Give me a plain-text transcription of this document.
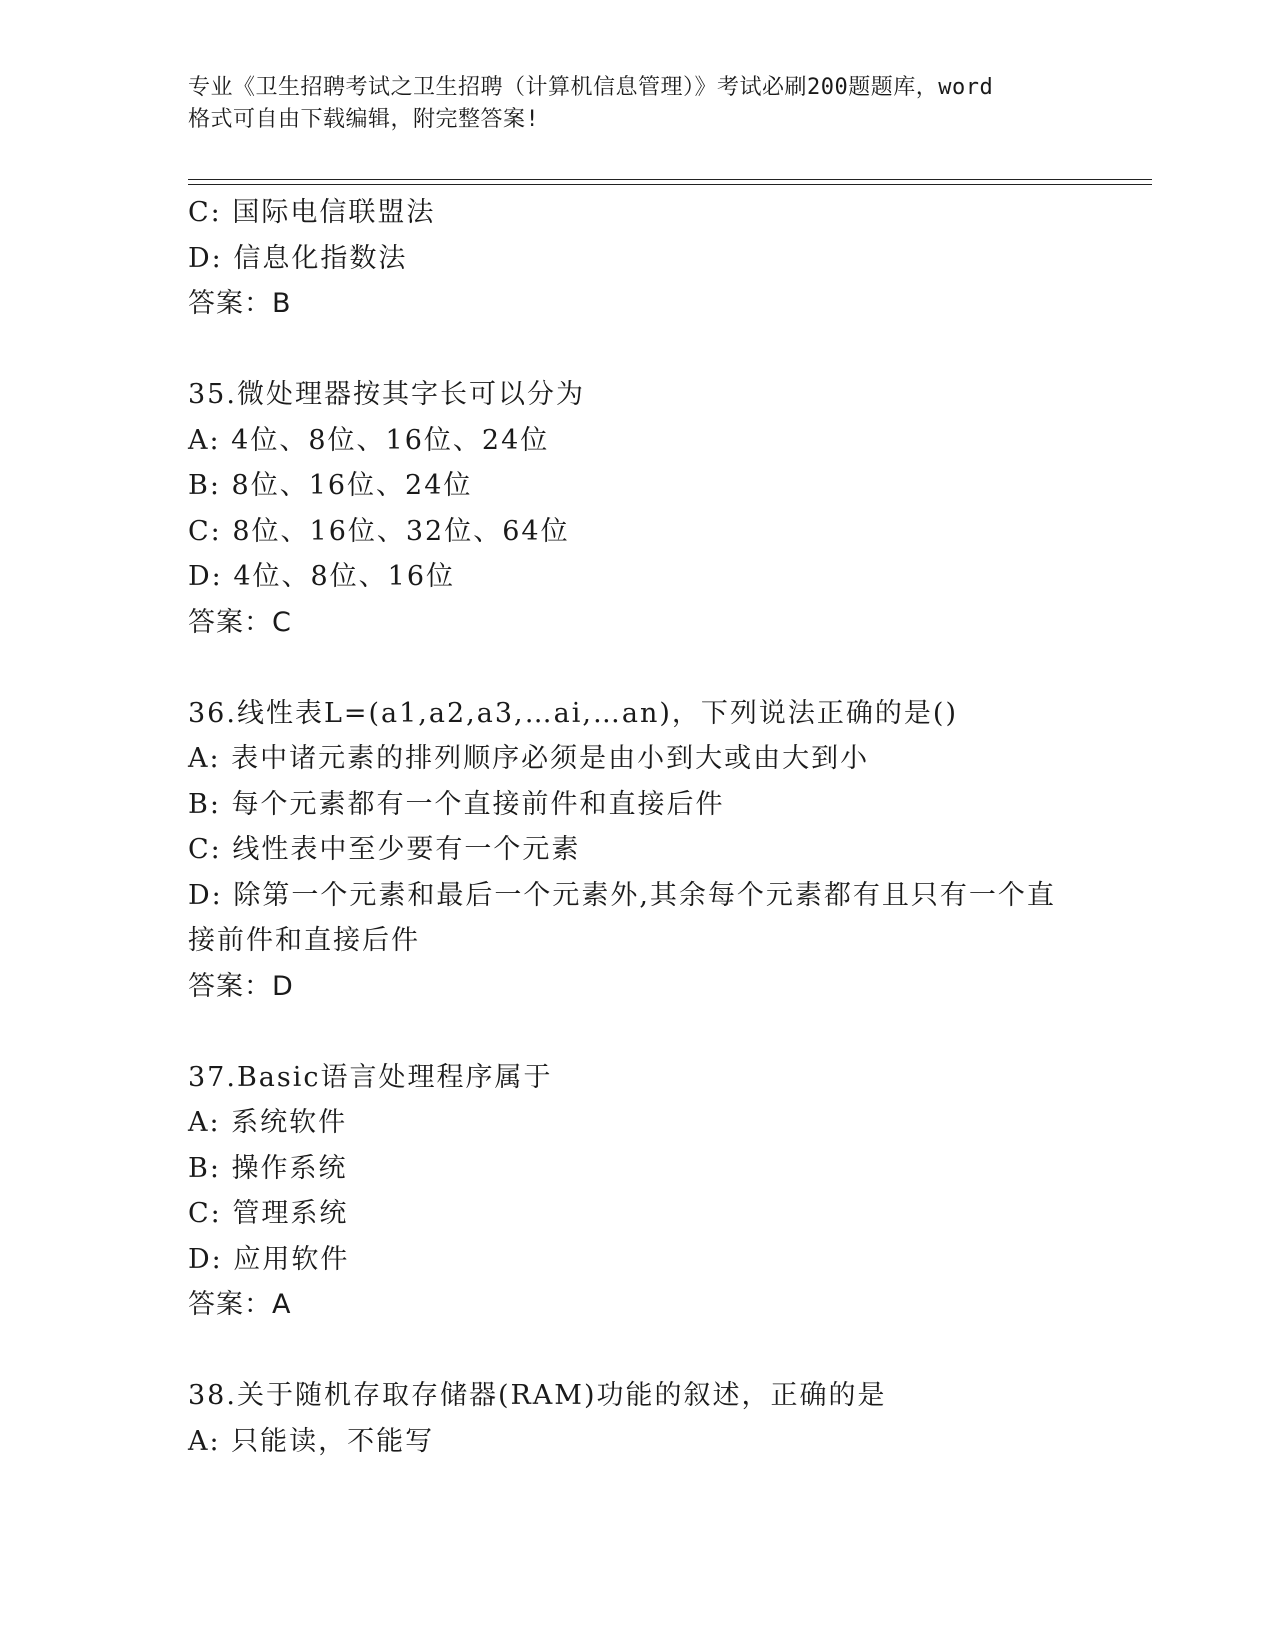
专业《卫生招聘考试之卫生招聘（计算机信息管理）》考试必刷200题题库，word
格式可自由下载编辑，附完整答案!
C: 国际电信联盟法
D: 信息化指数法
答案：B
35.微处理器按其字长可以分为
A: 4位、8位、16位、24位
B: 8位、16位、24位
C: 8位、16位、32位、64位
D: 4位、8位、16位
答案：C
36.线性表L=(a1,a2,a3,…ai,…an)，下列说法正确的是()
A: 表中诸元素的排列顺序必须是由小到大或由大到小
B: 每个元素都有一个直接前件和直接后件
C: 线性表中至少要有一个元素
D: 除第一个元素和最后一个元素外,其余每个元素都有且只有一个直
接前件和直接后件
答案：D
37.Basic语言处理程序属于
A: 系统软件
B: 操作系统
C: 管理系统
D: 应用软件
答案：A
38.关于随机存取存储器(RAM)功能的叙述，正确的是
A: 只能读，不能写
